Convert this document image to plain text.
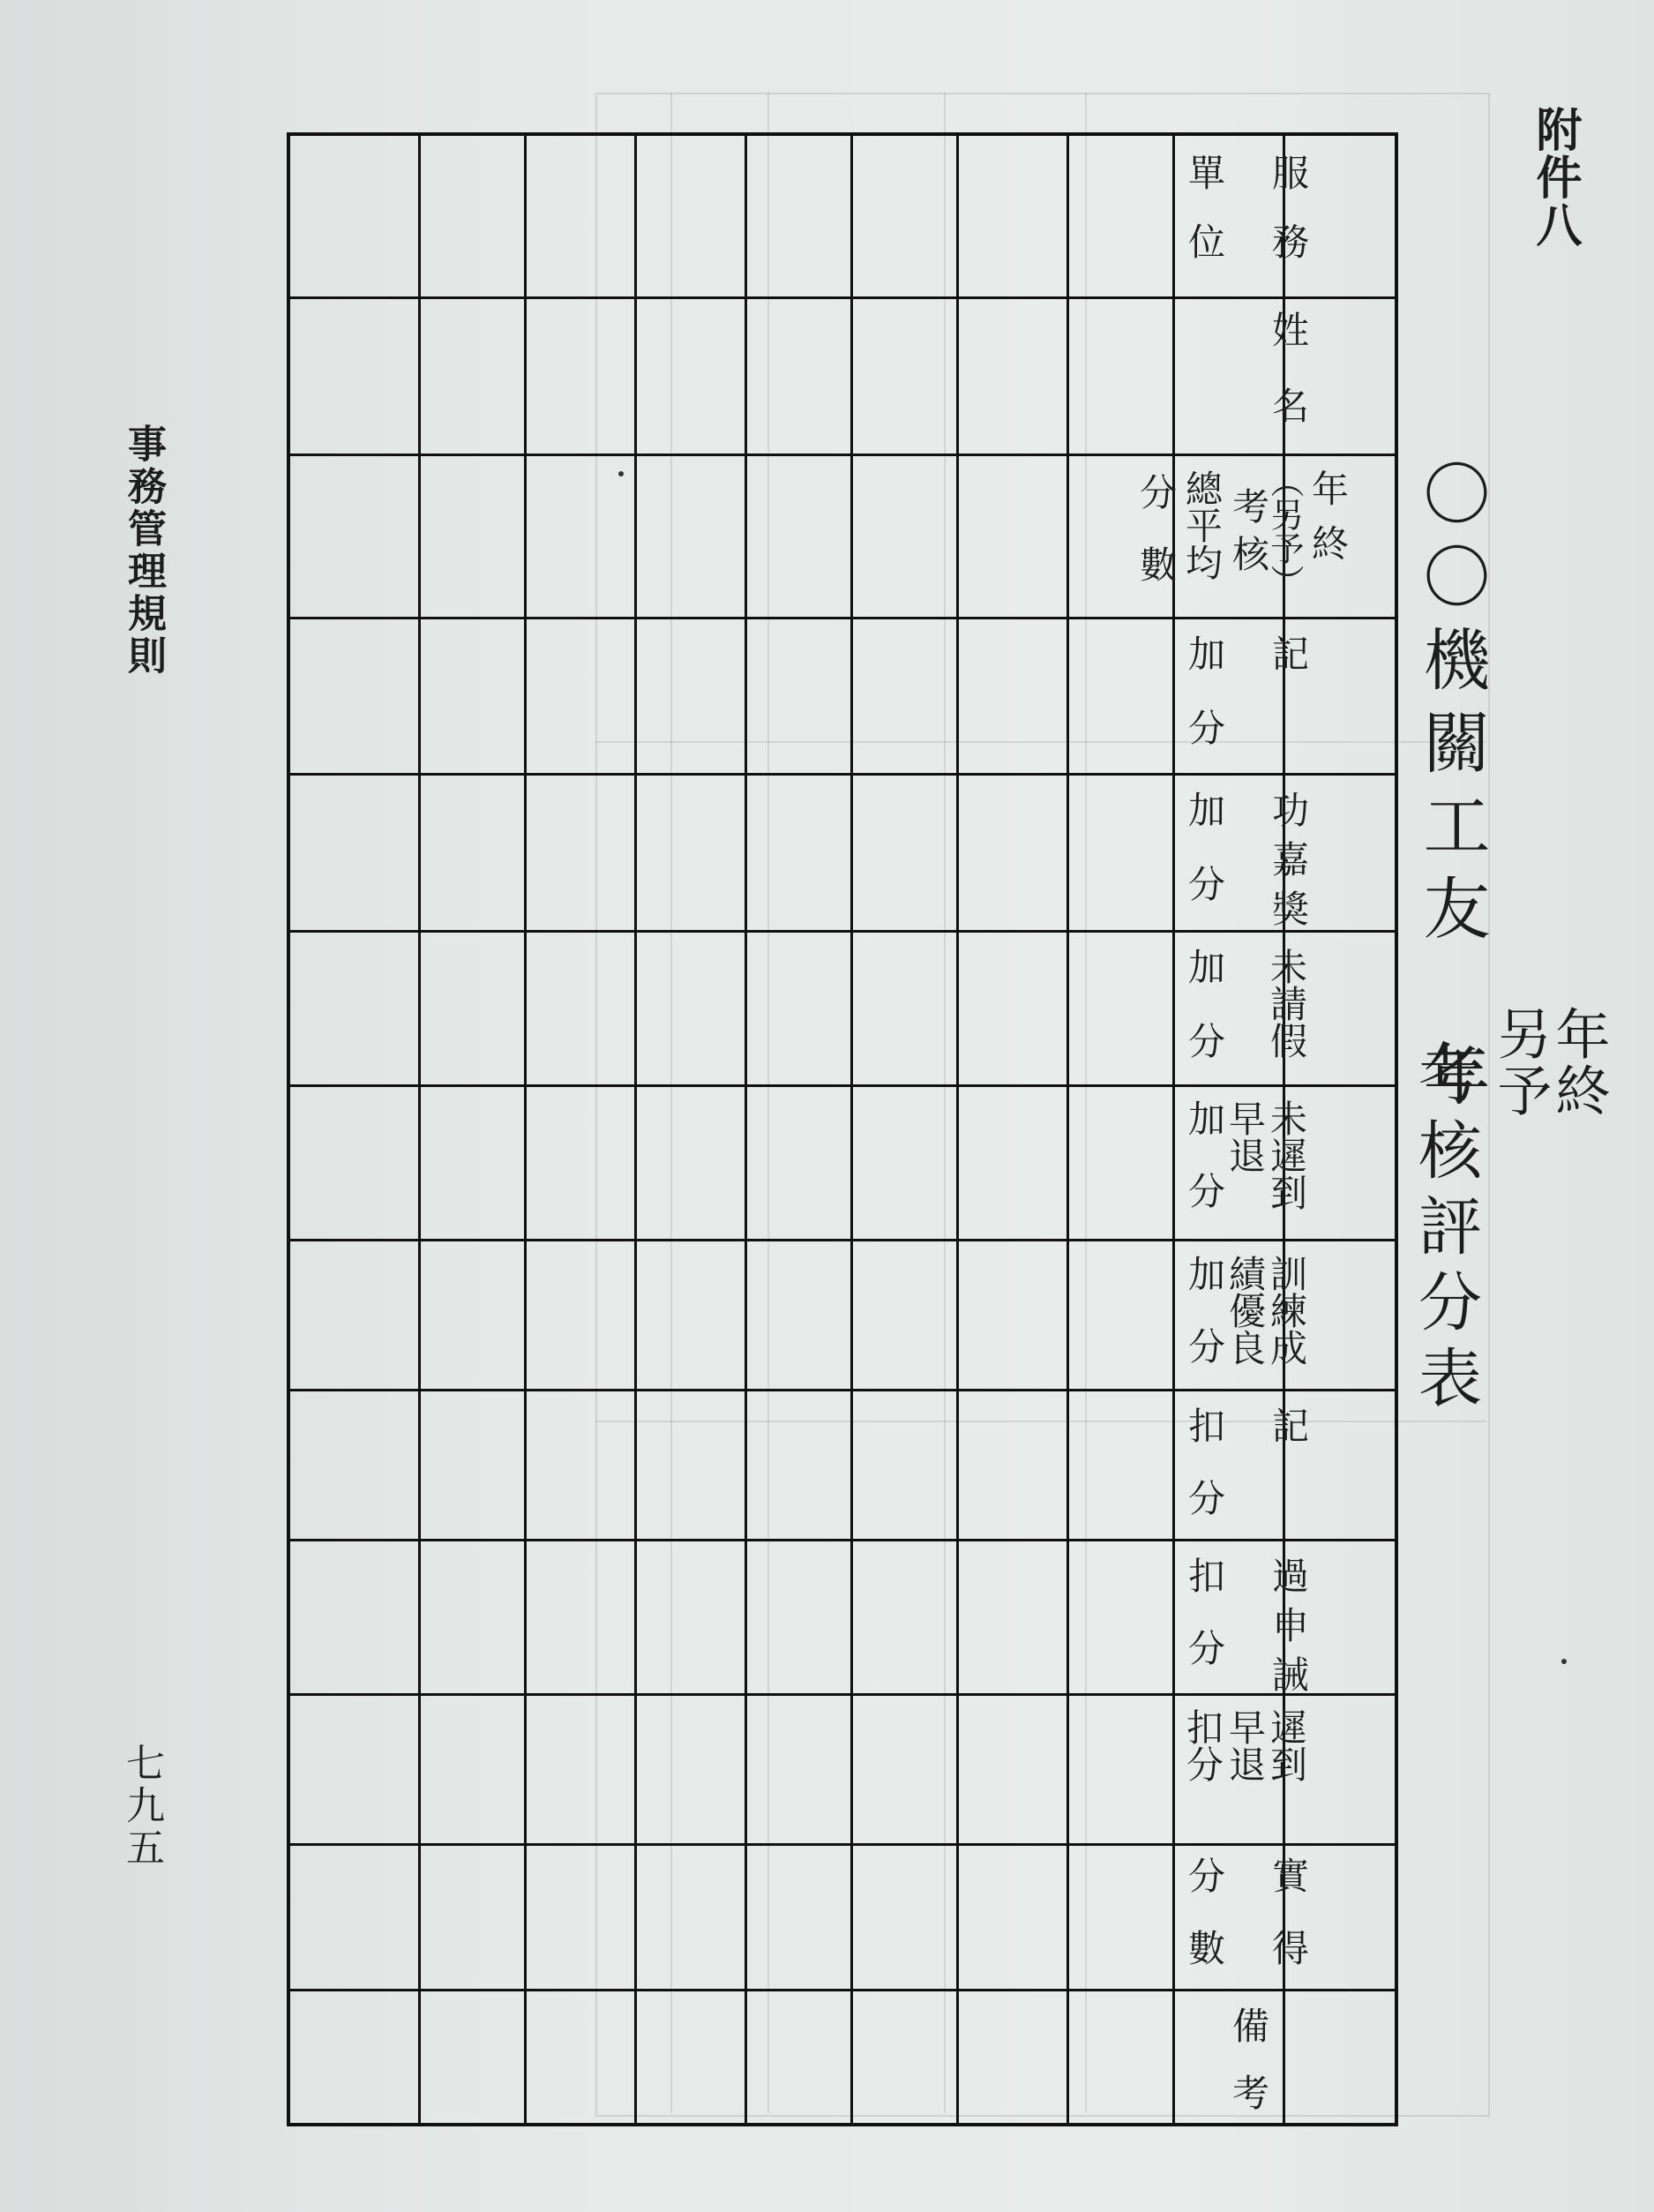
附件八
事務管理規則
七九五
〇〇機關工友　年 年終
另予
考核評分表
服務
單位
姓名
年終
（另予）
考核
總平均
分數
記
加分
功嘉獎
加分
未請假
加分
未遲到
早退
加分
訓練成
績優良
加分
記
扣分
過申誡
扣分
遲到
早退
扣分
實得
分數
備考
